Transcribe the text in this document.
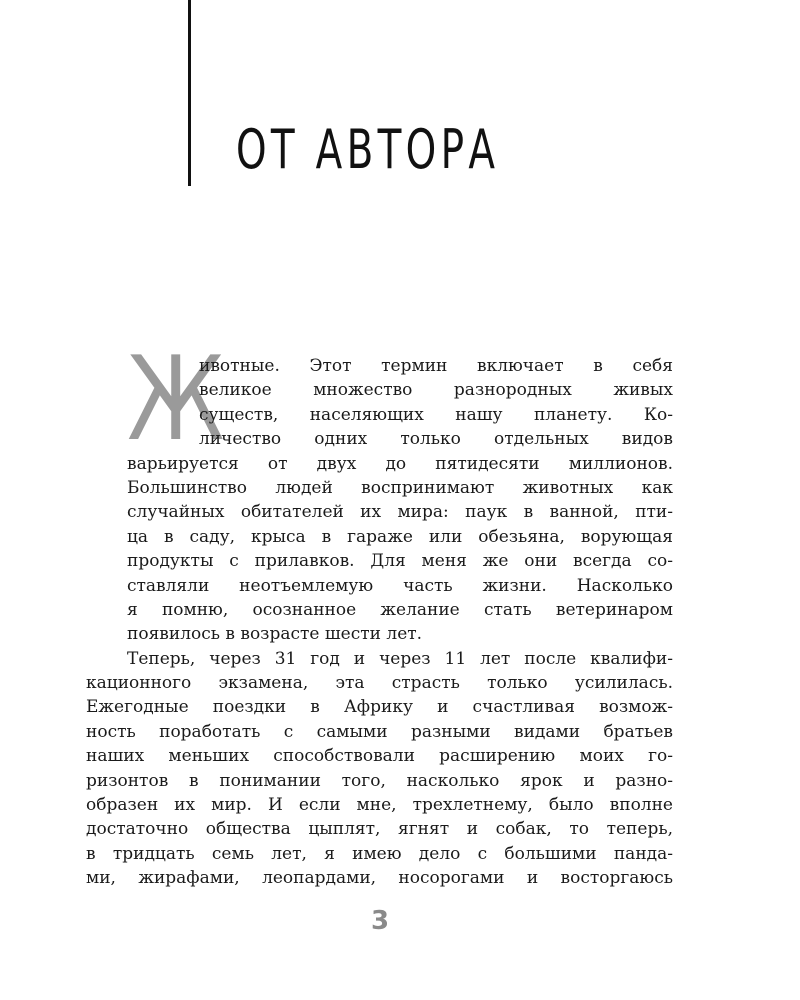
ОТ АВТОРА
Ж
ивотные. Этот термин включает в себя
великое множество разнородных живых
существ, населяющих нашу планету. Ко-
личество одних только отдельных видов
варьируется от двух до пятидесяти миллионов.
Большинство людей воспринимают животных как
случайных обитателей их мира: паук в ванной, пти-
ца в саду, крыса в гараже или обезьяна, ворующая
продукты с прилавков. Для меня же они всегда со-
ставляли неотъемлемую часть жизни. Насколько
я помню, осознанное желание стать ветеринаром
появилось в возрасте шести лет.
Теперь, через 31 год и через 11 лет после квалифи-
кационного экзамена, эта страсть только усилилась.
Ежегодные поездки в Африку и счастливая возмож-
ность поработать с самыми разными видами братьев
наших меньших способствовали расширению моих го-
ризонтов в понимании того, насколько ярок и разно-
образен их мир. И если мне, трехлетнему, было вполне
достаточно общества цыплят, ягнят и собак, то теперь,
в тридцать семь лет, я имею дело с большими панда-
ми, жирафами, леопардами, носорогами и восторгаюсь
3
